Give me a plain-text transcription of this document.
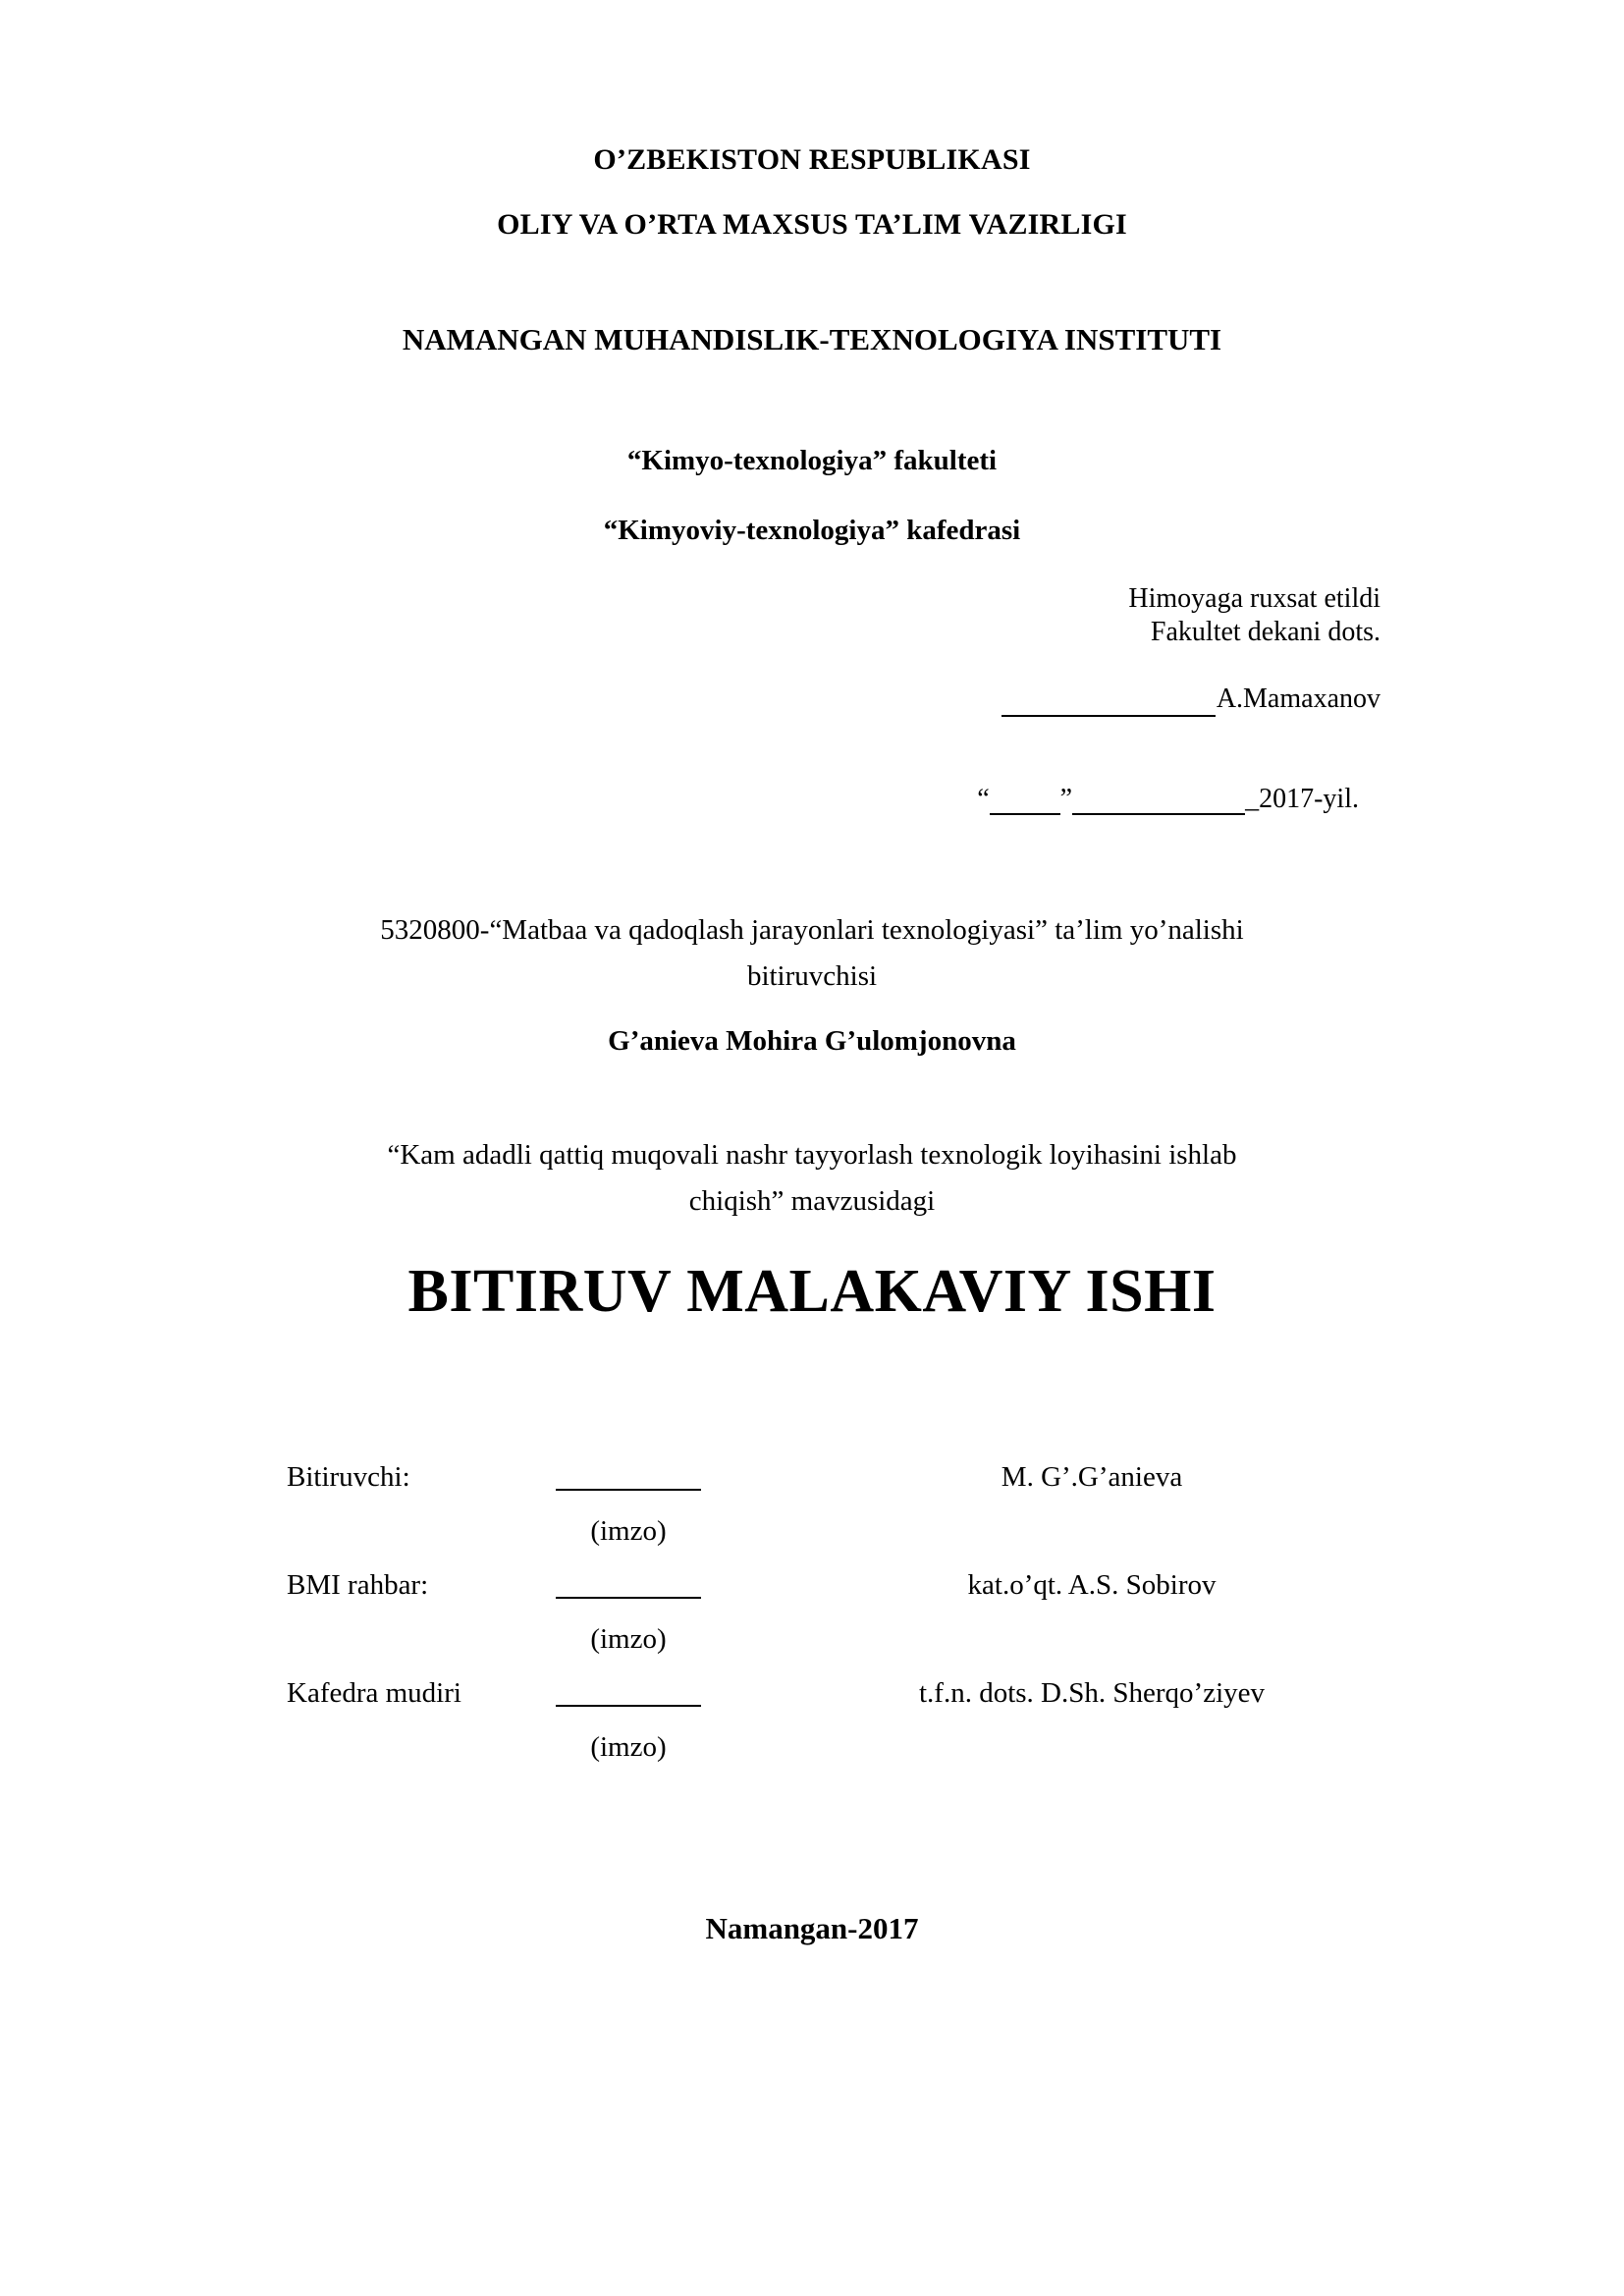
O’ZBEKISTON RESPUBLIKASI
OLIY VA O’RTA MAXSUS TA’LIM VAZIRLIGI
NAMANGAN MUHANDISLIK-TEXNOLOGIYA INSTITUTI
“Kimyo-texnologiya” fakulteti
“Kimyoviy-texnologiya” kafedrasi
Himoyaga ruxsat etildi
Fakultet dekani dots.

A.Mamaxanov

“	”	_2017-yil.

5320800-“Matbaa va qadoqlash jarayonlari texnologiyasi” ta’lim yo’nalishi
bitiruvchisi
G’anieva Mohira G’ulomjonovna
“Kam adadli qattiq muqovali nashr tayyorlash texnologik loyihasini ishlab
chiqish” mavzusidagi
BITIRUV MALAKAVIY ISHI
Bitiruvchi:	M. G’.G’anieva
(imzo)
BMI rahbar:	kat.o’qt. A.S. Sobirov
(imzo)
Kafedra mudiri	t.f.n. dots. D.Sh. Sherqo’ziyev
(imzo)
Namangan-2017
